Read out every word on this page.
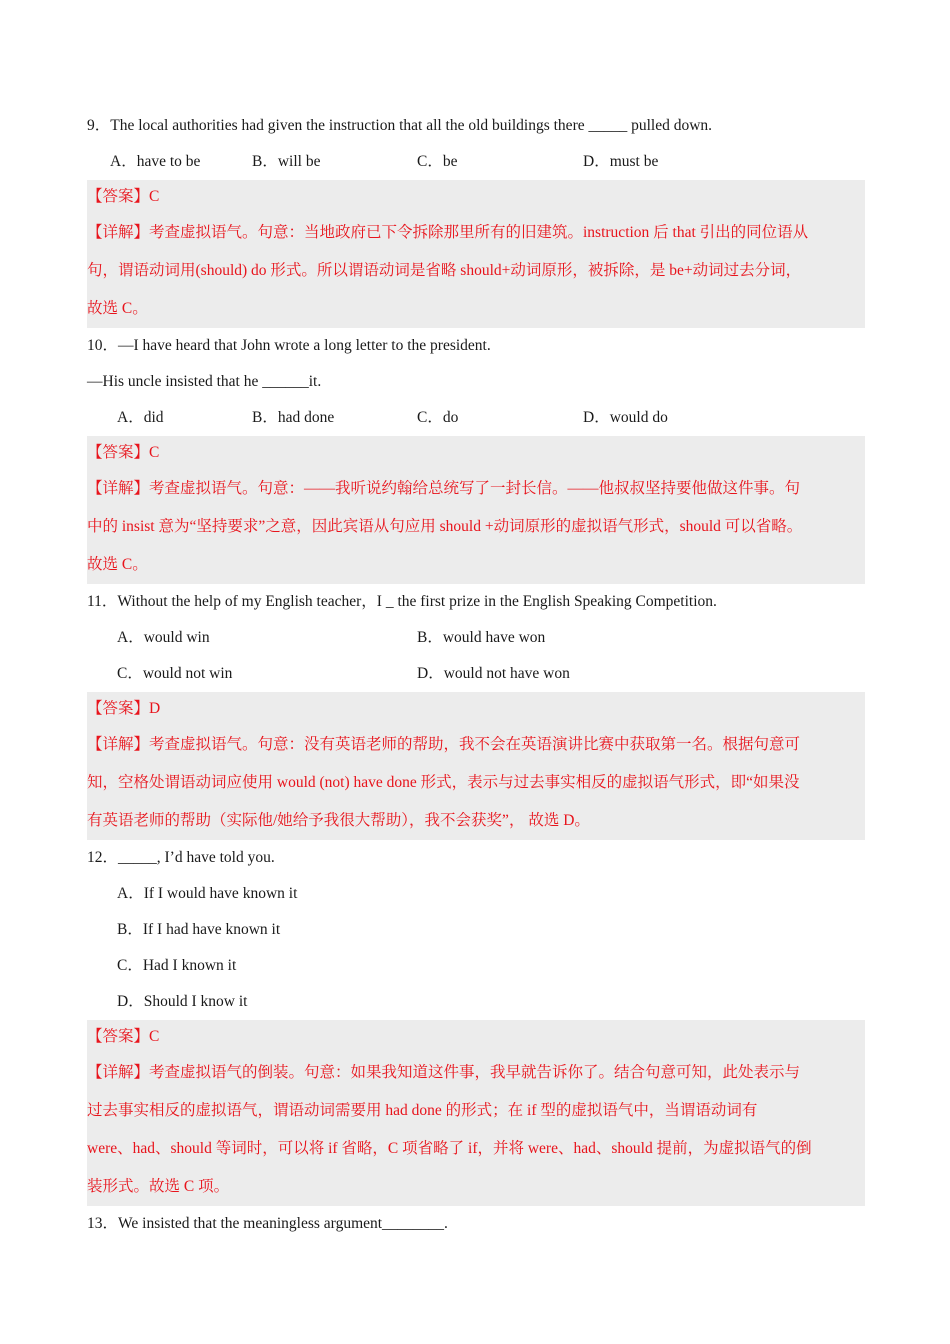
9．The local authorities had given the instruction that all the old buildings there _____ pulled down.
A．have to be	B．will be	C．be	D．must be
【答案】C
【详解】考查虚拟语气。句意：当地政府已下令拆除那里所有的旧建筑。instruction 后 that 引出的同位语从
句，谓语动词用(should) do 形式。所以谓语动词是省略 should+动词原形，被拆除，是 be+动词过去分词，
故选 C。
10．—I have heard that John wrote a long letter to the president.
—His uncle insisted that he ______it.
A．did	B．had done	C．do	D．would do
【答案】C
【详解】考查虚拟语气。句意：——我听说约翰给总统写了一封长信。——他叔叔坚持要他做这件事。句
中的 insist 意为“坚持要求”之意，因此宾语从句应用 should +动词原形的虚拟语气形式，should 可以省略。
故选 C。
11．Without the help of my English teacher，I _ the first prize in the English Speaking Competition.
A．would win	B．would have won
C．would not win	D．would not have won
【答案】D
【详解】考查虚拟语气。句意：没有英语老师的帮助，我不会在英语演讲比赛中获取第一名。根据句意可
知，空格处谓语动词应使用 would (not) have done 形式，表示与过去事实相反的虚拟语气形式，即“如果没
有英语老师的帮助（实际他/她给予我很大帮助），我不会获奖”， 故选 D。
12．_____, I’d have told you.
A．If I would have known it
B．If I had have known it
C．Had I known it
D．Should I know it
【答案】C
【详解】考查虚拟语气的倒装。句意：如果我知道这件事，我早就告诉你了。结合句意可知，此处表示与
过去事实相反的虚拟语气，谓语动词需要用 had done 的形式；在 if 型的虚拟语气中，当谓语动词有
were、had、should 等词时，可以将 if 省略，C 项省略了 if，并将 were、had、should 提前，为虚拟语气的倒
装形式。故选 C 项。
13．We insisted that the meaningless argument________.
